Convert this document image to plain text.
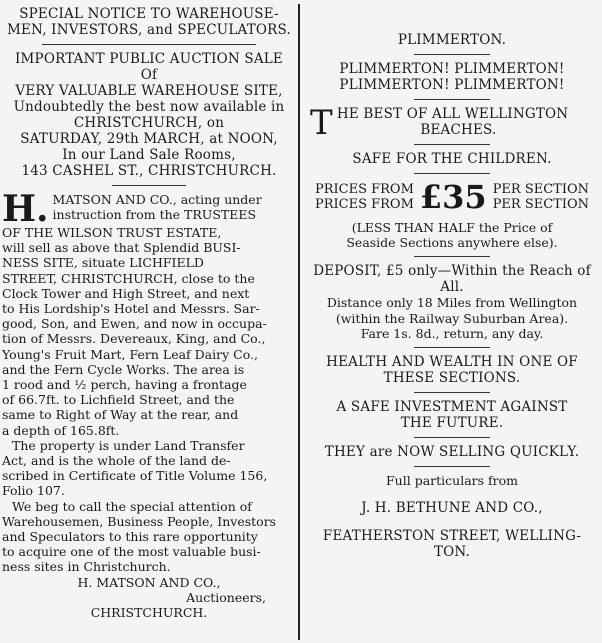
SPECIAL NOTICE TO WAREHOUSE-
MEN, INVESTORS, and SPECULATORS.
IMPORTANT PUBLIC AUCTION SALE
Of
VERY VALUABLE WAREHOUSE SITE,
Undoubtedly the best now available in
CHRISTCHURCH, on
SATURDAY, 29th MARCH, at NOON,
In our Land Sale Rooms,
143 CASHEL ST., CHRISTCHURCH.
H. MATSON AND CO., acting under
instruction from the TRUSTEES
OF THE WILSON TRUST ESTATE,
will sell as above that Splendid BUSI-
NESS SITE, situate LICHFIELD
STREET, CHRISTCHURCH, close to the
Clock Tower and High Street, and next
to His Lordship's Hotel and Messrs. Sar-
good, Son, and Ewen, and now in occupa-
tion of Messrs. Devereaux, King, and Co.,
Young's Fruit Mart, Fern Leaf Dairy Co.,
and the Fern Cycle Works. The area is
1 rood and ½ perch, having a frontage
of 66.7ft. to Lichfield Street, and the
same to Right of Way at the rear, and
a depth of 165.8ft.
The property is under Land Transfer
Act, and is the whole of the land de-
scribed in Certificate of Title Volume 156,
Folio 107.
We beg to call the special attention of
Warehousemen, Business People, Investors
and Speculators to this rare opportunity
to acquire one of the most valuable busi-
ness sites in Christchurch.
H. MATSON AND CO.,
Auctioneers,
CHRISTCHURCH.
PLIMMERTON.
PLIMMERTON! PLIMMERTON!
PLIMMERTON! PLIMMERTON!
T HE BEST OF ALL WELLINGTON
BEACHES.
SAFE FOR THE CHILDREN.
PRICES FROM
PRICES FROM £35 PER SECTION
PER SECTION
(LESS THAN HALF the Price of
Seaside Sections anywhere else).
DEPOSIT, £5 only—Within the Reach of
All.
Distance only 18 Miles from Wellington
(within the Railway Suburban Area).
Fare 1s. 8d., return, any day.
HEALTH AND WEALTH IN ONE OF
THESE SECTIONS.
A SAFE INVESTMENT AGAINST
THE FUTURE.
THEY are NOW SELLING QUICKLY.
Full particulars from
J. H. BETHUNE AND CO.,
FEATHERSTON STREET, WELLING-
TON.
